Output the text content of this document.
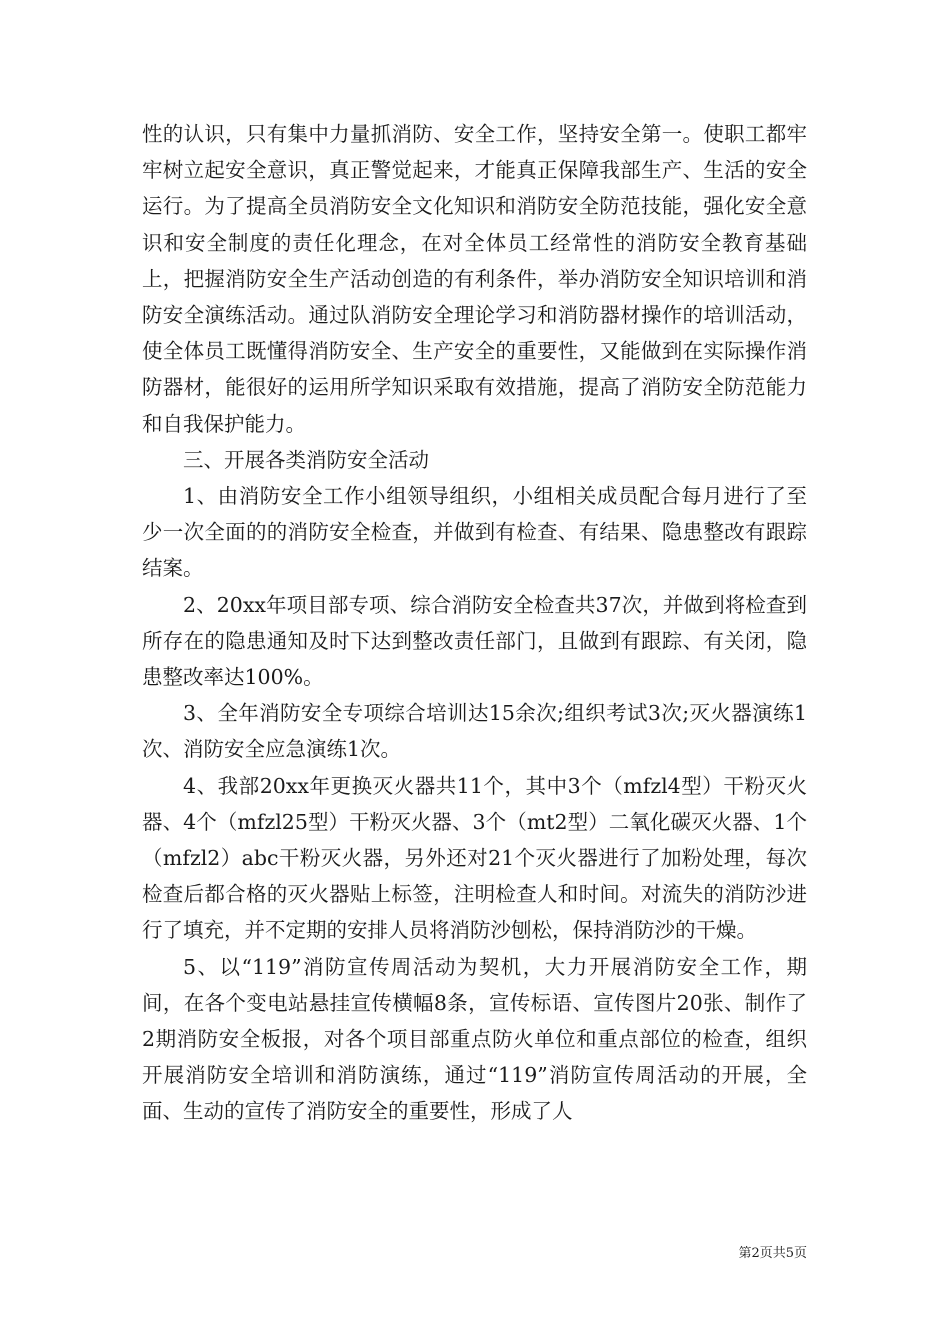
性的认识，只有集中力量抓消防、安全工作，坚持安全第一。使职工都牢牢树立起安全意识，真正警觉起来，才能真正保障我部生产、生活的安全运行。为了提高全员消防安全文化知识和消防安全防范技能，强化安全意识和安全制度的责任化理念，在对全体员工经常性的消防安全教育基础上，把握消防安全生产活动创造的有利条件，举办消防安全知识培训和消防安全演练活动。通过队消防安全理论学习和消防器材操作的培训活动，使全体员工既懂得消防安全、生产安全的重要性，又能做到在实际操作消防器材，能很好的运用所学知识采取有效措施，提高了消防安全防范能力和自我保护能力。

三、开展各类消防安全活动

1、由消防安全工作小组领导组织，小组相关成员配合每月进行了至少一次全面的的消防安全检查，并做到有检查、有结果、隐患整改有跟踪结案。

2、20xx年项目部专项、综合消防安全检查共37次，并做到将检查到所存在的隐患通知及时下达到整改责任部门，且做到有跟踪、有关闭，隐患整改率达100%。

3、全年消防安全专项综合培训达15余次;组织考试3次;灭火器演练1次、消防安全应急演练1次。

4、我部20xx年更换灭火器共11个，其中3个（mfzl4型）干粉灭火器、4个（mfzl25型）干粉灭火器、3个（mt2型）二氧化碳灭火器、1个（mfzl2）abc干粉灭火器，另外还对21个灭火器进行了加粉处理，每次检查后都合格的灭火器贴上标签，注明检查人和时间。对流失的消防沙进行了填充，并不定期的安排人员将消防沙刨松，保持消防沙的干燥。

5、以“119”消防宣传周活动为契机，大力开展消防安全工作，期间，在各个变电站悬挂宣传横幅8条，宣传标语、宣传图片20张、制作了2期消防安全板报，对各个项目部重点防火单位和重点部位的检查，组织开展消防安全培训和消防演练，通过“119”消防宣传周活动的开展，全面、生动的宣传了消防安全的重要性，形成了人

第2页共5页
